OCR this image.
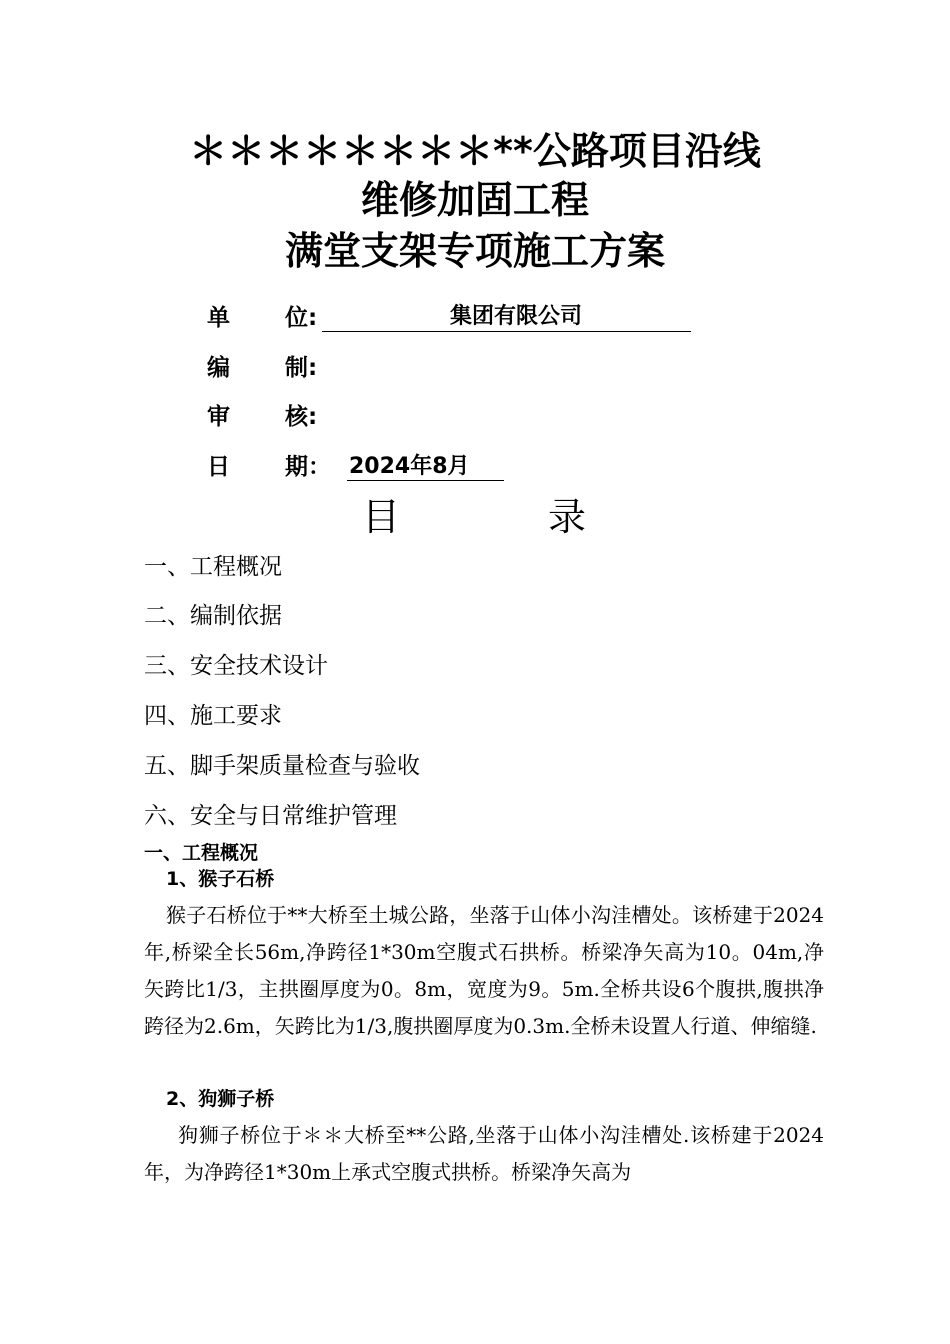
＊＊＊＊＊＊＊＊**公路项目沿线
维修加固工程
满堂支架专项施工方案
单 位:	集团有限公司
编 制:
审 核:
日 期： 2024年8月
目	录
一、工程概况
二、编制依据
三、安全技术设计
四、施工要求
五、脚手架质量检查与验收
六、安全与日常维护管理
一、工程概况
1、猴子石桥
猴子石桥位于**大桥至土城公路，坐落于山体小沟洼槽处。该桥建于2024年,桥梁全长56m,净跨径1*30m空腹式石拱桥。桥梁净矢高为10。04m,净矢跨比1/3，主拱圈厚度为0。8m，宽度为9。5m.全桥共设6个腹拱,腹拱净跨径为2.6m，矢跨比为1/3,腹拱圈厚度为0.3m.全桥未设置人行道、伸缩缝.
2、狗狮子桥
狗狮子桥位于＊＊大桥至**公路,坐落于山体小沟洼槽处.该桥建于2024年，为净跨径1*30m上承式空腹式拱桥。桥梁净矢高为
